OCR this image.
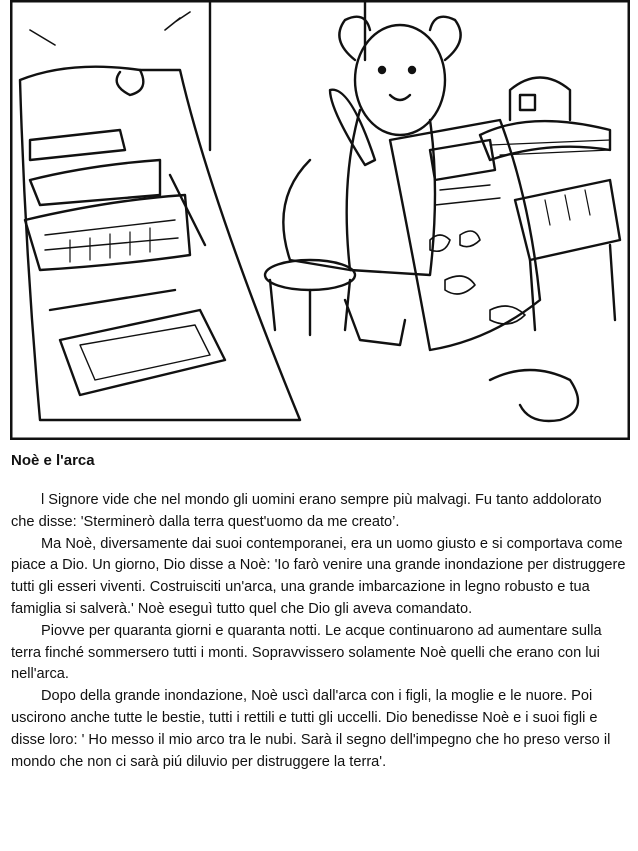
Noè e l'arca

l Signore vide che nel mondo gli uomini erano sempre più malvagi. Fu tanto addolorato che disse: 'Sterminerò dalla terra quest'uomo da me creato’.

Ma Noè, diversamente dai suoi contemporanei, era un uomo giusto e si comportava come piace a Dio. Un giorno, Dio disse a Noè: 'Io farò venire una grande inondazione per distruggere tutti gli esseri viventi. Costruisciti un'arca, una grande imbarcazione in legno robusto e tua famiglia si salverà.' Noè eseguì tutto quel che Dio gli aveva comandato.

Piovve per quaranta giorni e quaranta notti. Le acque continuarono ad aumentare sulla terra finché sommersero tutti i monti. Sopravvissero solamente Noè quelli che erano con lui nell'arca.

Dopo della grande inondazione, Noè uscì dall'arca con i figli, la moglie e le nuore. Poi uscirono anche tutte le bestie, tutti i rettili e tutti gli uccelli. Dio benedisse Noè e i suoi figli e disse loro: ' Ho messo il mio arco tra le nubi. Sarà il segno dell'impegno che ho preso verso il mondo che non ci sarà piú diluvio per distruggere la terra'.
